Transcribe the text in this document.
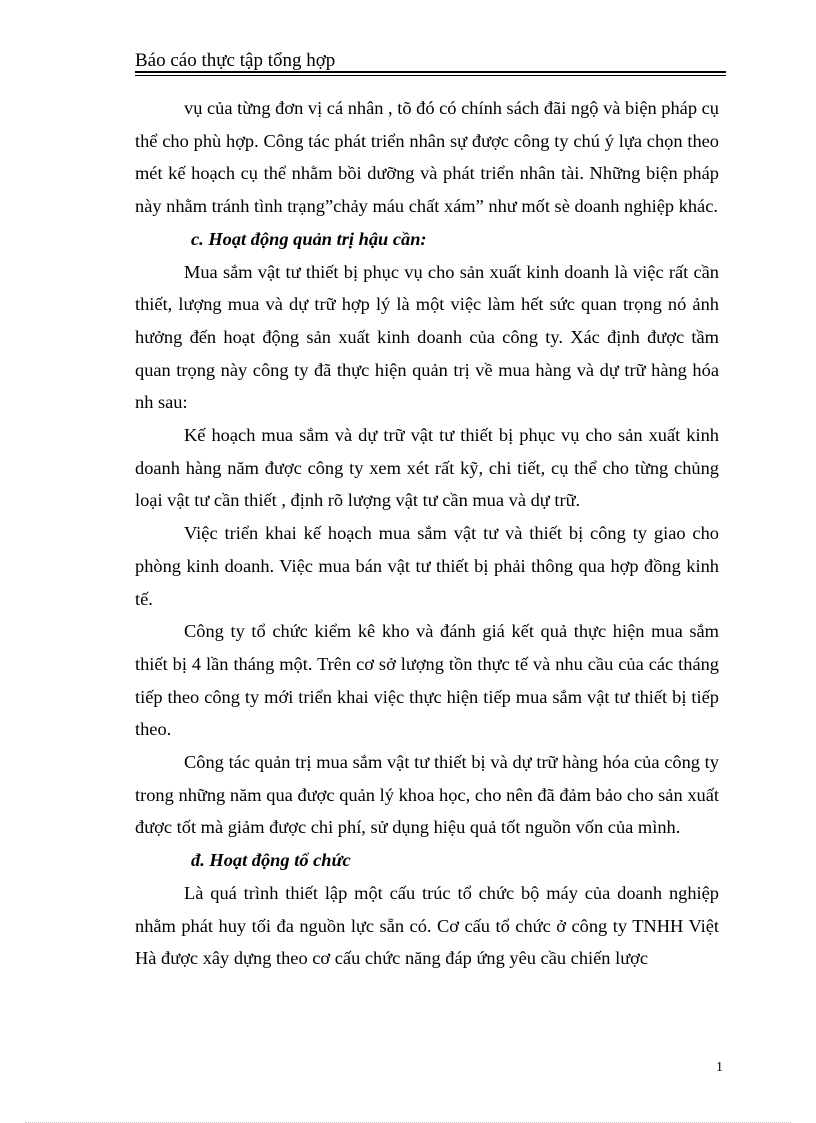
Báo cáo thực tập tổng hợp

vụ của từng đơn vị cá nhân , tõ đó có chính sách đãi ngộ và biện pháp cụ thể cho phù hợp. Công tác phát triển nhân sự được công ty chú ý lựa chọn theo mét kế hoạch cụ thể nhằm bồi dưỡng và phát triển nhân tài. Những biện pháp này nhằm tránh tình trạng”chảy máu chất xám” như mốt sè doanh nghiệp khác.

c. Hoạt động quản trị hậu cần:

Mua sắm vật tư thiết bị phục vụ cho sản xuất kinh doanh là việc rất cần thiết, lượng mua và dự trữ hợp lý là một việc làm hết sức quan trọng nó ảnh hưởng đến hoạt động sản xuất kinh doanh của công ty. Xác định được tầm quan trọng này công ty đã thực hiện quản trị về mua hàng và dự trữ hàng hóa nh sau:

Kế hoạch mua sắm và dự trữ vật tư thiết bị phục vụ cho sản xuất kinh doanh hàng năm được công ty xem xét rất kỹ, chi tiết, cụ thể cho từng chủng loại vật tư cần thiết , định rõ lượng vật tư cần mua và dự trữ.

Việc triển khai kế hoạch mua sắm vật tư và thiết bị công ty giao cho phòng kinh doanh. Việc mua bán vật tư thiết bị phải thông qua hợp đồng kinh tế.

Công ty tổ chức kiểm kê kho và đánh giá kết quả thực hiện mua sắm thiết bị 4 lần tháng một. Trên cơ sở lượng tồn thực tế và nhu cầu của các tháng tiếp theo công ty mới triển khai việc thực hiện tiếp mua sắm vật tư thiết bị tiếp theo.

Công tác quản trị mua sắm vật tư thiết bị và dự trữ hàng hóa của công ty trong những năm qua được quản lý khoa học, cho nên đã đảm bảo cho sản xuất được tốt mà giảm được chi phí, sử dụng hiệu quả tốt nguồn vốn của mình.

đ. Hoạt động tổ chức

Là quá trình thiết lập một cấu trúc tổ chức bộ máy của doanh nghiệp nhằm phát huy tối đa nguồn lực sẵn có. Cơ cấu tổ chức ở công ty TNHH Việt Hà được xây dựng theo cơ cấu chức năng đáp ứng yêu cầu chiến lược

1
